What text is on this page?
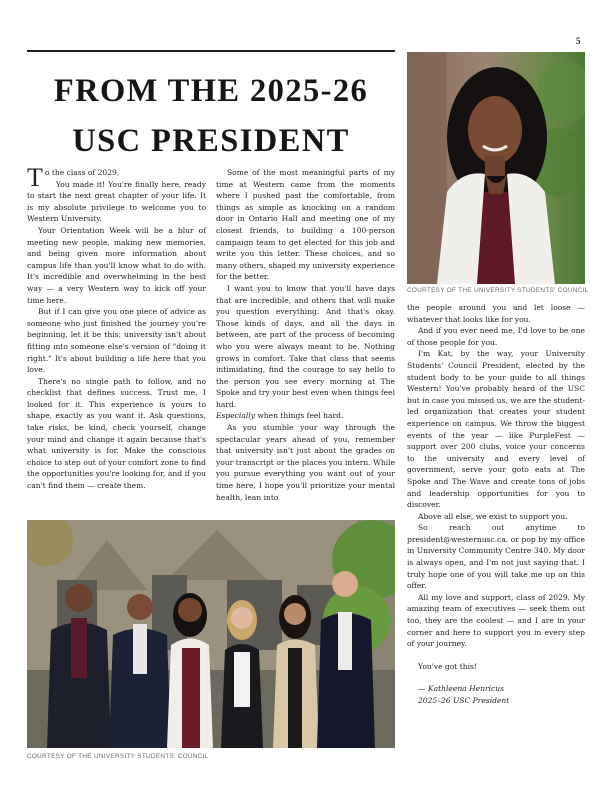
5
FROM THE 2025-26
USC PRESIDENT

To the class of 2029,

You made it! You're finally here, ready to start the next great chapter of your life. It is my absolute privilege to welcome you to Western University.

Your Orientation Week will be a blur of meeting new people, making new memories, and being given more information about campus life than you'll know what to do with. It's incredible and overwhelming in the best way — a very Western way to kick off your time here.

But if I can give you one piece of advice as someone who just finished the journey you're beginning, let it be this: university isn't about fitting into someone else's version of "doing it right." It's about building a life here that you love.

There's no single path to follow, and no checklist that defines success. Trust me, I looked for it. This experience is yours to shape, exactly as you want it. Ask questions, take risks, be kind, check yourself, change your mind and change it again because that's what university is for. Make the conscious choice to step out of your comfort zone to find the opportunities you're looking for, and if you can't find them — create them.

Some of the most meaningful parts of my time at Western came from the moments where I pushed past the comfortable, from things as simple as knocking on a random door in Ontario Hall and meeting one of my closest friends, to building a 100-person campaign team to get elected for this job and write you this letter. These choices, and so many others, shaped my university experience for the better.

I want you to know that you'll have days that are incredible, and others that will make you question everything. And that's okay. Those kinds of days, and all the days in between, are part of the process of becoming who you were always meant to be. Nothing grows in comfort. Take that class that seems intimidating, find the courage to say hello to the person you see every morning at The Spoke and try your best even when things feel hard.

Especially when things feel hard.

As you stumble your way through the spectacular years ahead of you, remember that university isn't just about the grades on your transcript or the places you intern. While you pursue everything you want out of your time here, I hope you'll prioritize your mental health, lean into

the people around you and let loose — whatever that looks like for you.

And if you ever need me, I'd love to be one of those people for you.

I'm Kat, by the way, your University Students' Council President, elected by the student body to be your guide to all things Western! You've probably heard of the USC but in case you missed us, we are the student-led organization that creates your student experience on campus. We throw the biggest events of the year — like PurpleFest — support over 200 clubs, voice your concerns to the university and every level of government, serve your goto eats at The Spoke and The Wave and create tons of jobs and leadership opportunities for you to discover.

Above all else, we exist to support you.

So reach out anytime to president@westernusc.ca, or pop by my office in University Community Centre 340. My door is always open, and I'm not just saying that. I truly hope one of you will take me up on this offer.

All my love and support, class of 2029. My amazing team of executives — seek them out too, they are the coolest — and I are in your corner and here to support you in every step of your journey.

You've got this!

— Kathleena Henricus

2025–26 USC President

COURTESY OF THE UNIVERSITY STUDENTS' COUNCIL
COURTESY OF THE UNIVERSITY STUDENTS' COUNCIL
